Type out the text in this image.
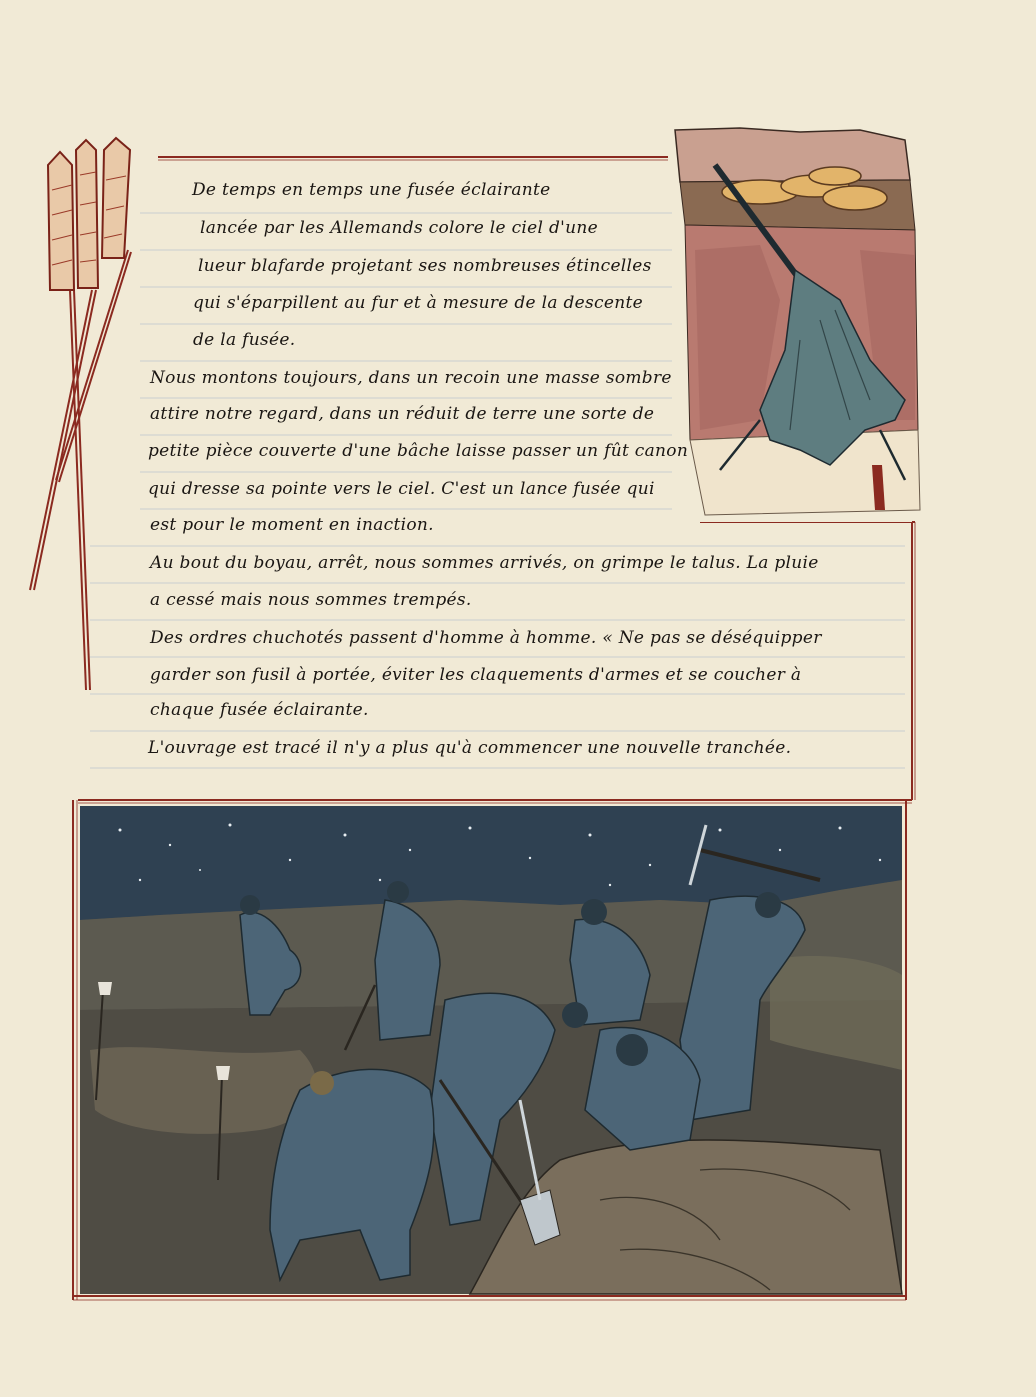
De temps en temps une fusée éclairante
lancée par les Allemands colore le ciel d'une
lueur blafarde projetant ses nombreuses étincelles
qui s'éparpillent au fur et à mesure de la descente
de la fusée.
Nous montons toujours, dans un recoin une masse sombre
attire notre regard, dans un réduit de terre une sorte de
petite pièce couverte d'une bâche laisse passer un fût canon
qui dresse sa pointe vers le ciel. C'est un lance fusée qui
est pour le moment en inaction.
Au bout du boyau, arrêt, nous sommes arrivés, on grimpe le talus. La pluie
a cessé mais nous sommes trempés.
Des ordres chuchotés passent d'homme à homme. « Ne pas se déséquipper
garder son fusil à portée, éviter les claquements d'armes et se coucher à
chaque fusée éclairante.
L'ouvrage est tracé il n'y a plus qu'à commencer une nouvelle tranchée.
